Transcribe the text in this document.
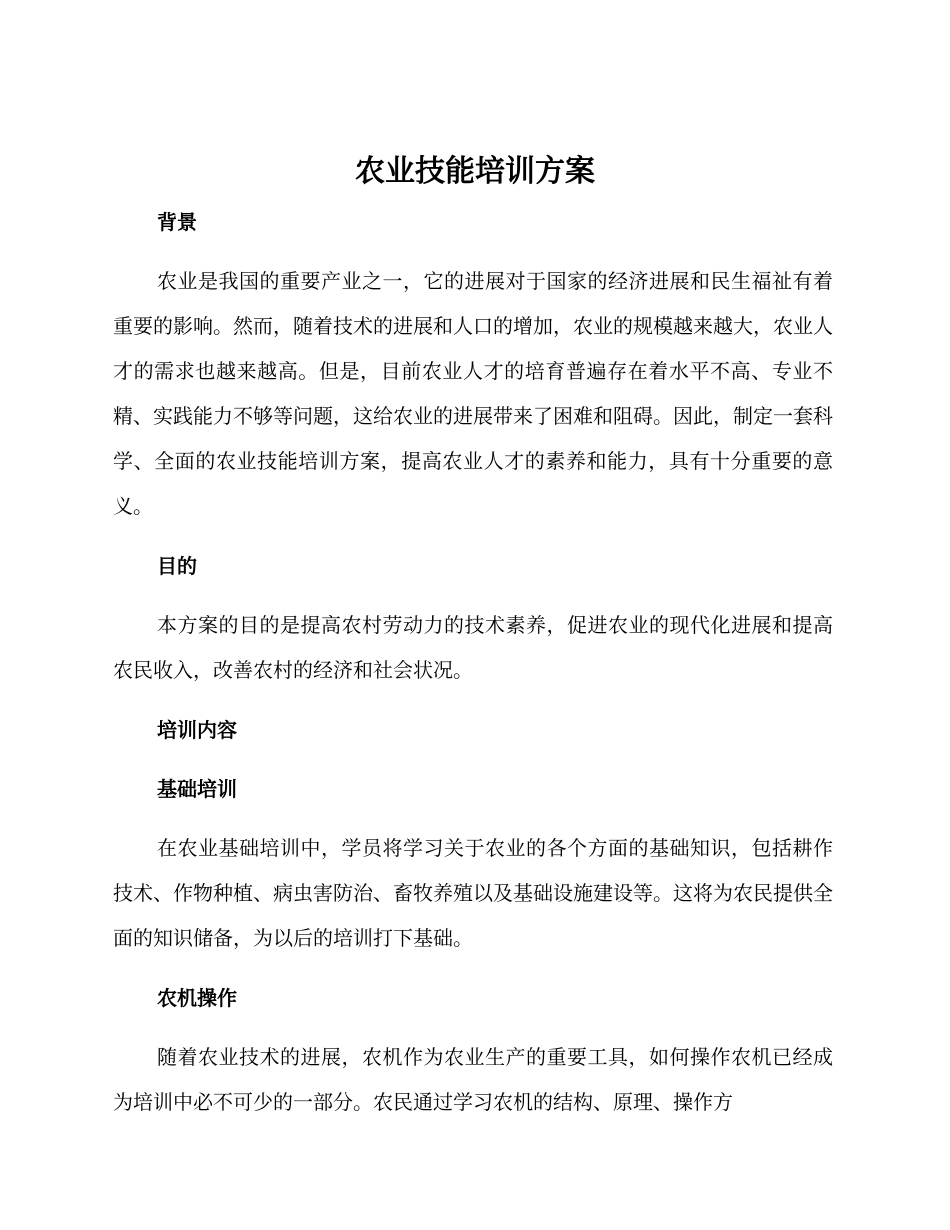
农业技能培训方案
背景

农业是我国的重要产业之一，它的进展对于国家的经济进展和民生福祉有着重要的影响。然而，随着技术的进展和人口的增加，农业的规模越来越大，农业人才的需求也越来越高。但是，目前农业人才的培育普遍存在着水平不高、专业不精、实践能力不够等问题，这给农业的进展带来了困难和阻碍。因此，制定一套科学、全面的农业技能培训方案，提高农业人才的素养和能力，具有十分重要的意义。

目的

本方案的目的是提高农村劳动力的技术素养，促进农业的现代化进展和提高农民收入，改善农村的经济和社会状况。

培训内容
基础培训

在农业基础培训中，学员将学习关于农业的各个方面的基础知识，包括耕作技术、作物种植、病虫害防治、畜牧养殖以及基础设施建设等。这将为农民提供全面的知识储备，为以后的培训打下基础。

农机操作

随着农业技术的进展，农机作为农业生产的重要工具，如何操作农机已经成为培训中必不可少的一部分。农民通过学习农机的结构、原理、操作方
